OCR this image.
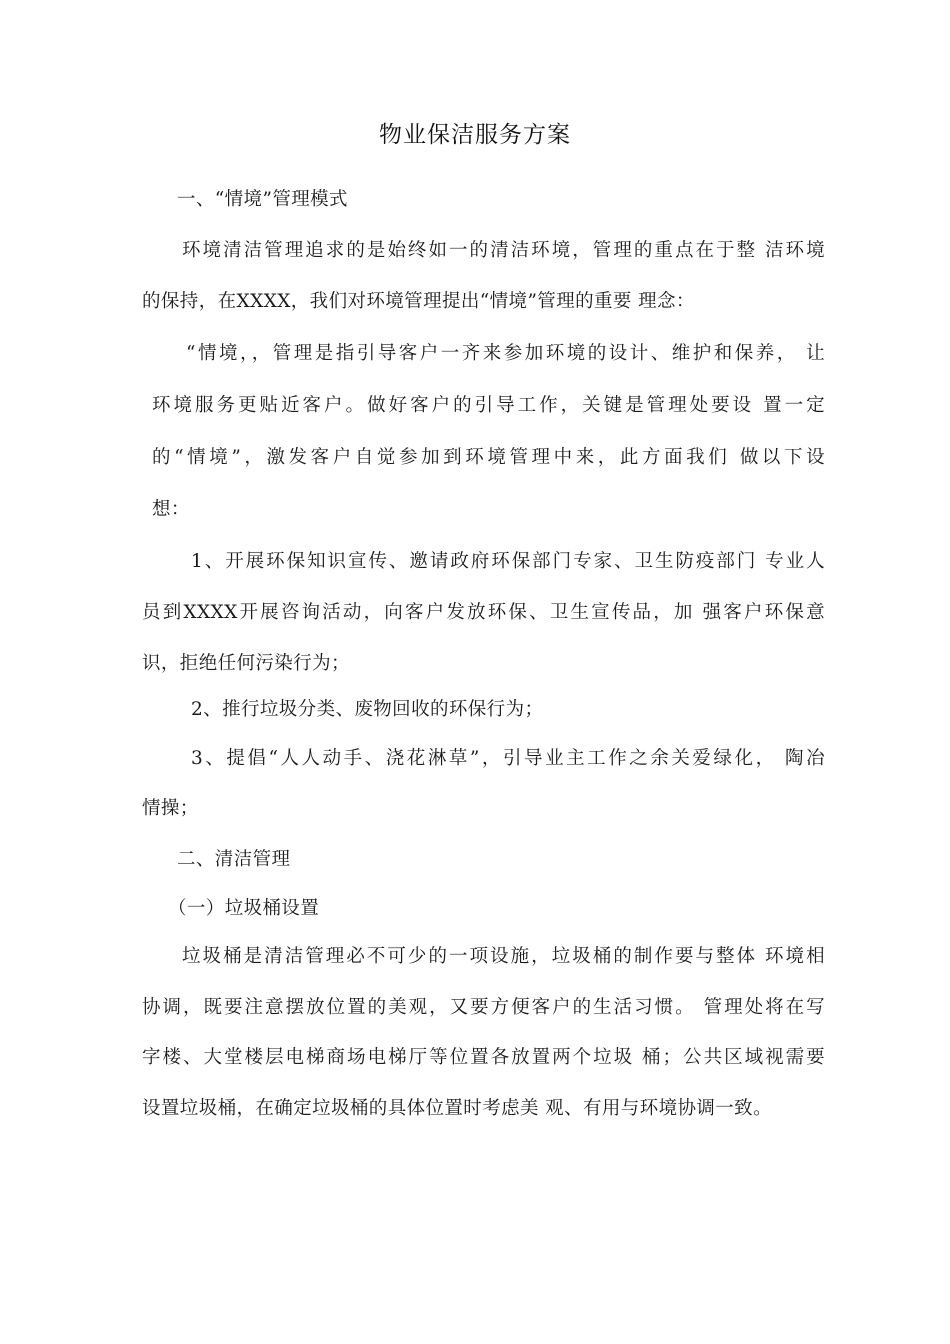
物业保洁服务方案
一、“情境”管理模式
环境清洁管理追求的是始终如一的清洁环境，管理的重点在于整 洁环境
的保持，在XXXX，我们对环境管理提出“情境”管理的重要 理念：
“情境，，管理是指引导客户一齐来参加环境的设计、维护和保养， 让
环境服务更贴近客户。做好客户的引导工作，关键是管理处要设 置一定
的“情境”，激发客户自觉参加到环境管理中来，此方面我们 做以下设
想：
1、开展环保知识宣传、邀请政府环保部门专家、卫生防疫部门 专业人
员到XXXX开展咨询活动，向客户发放环保、卫生宣传品，加 强客户环保意
识，拒绝任何污染行为；
2、推行垃圾分类、废物回收的环保行为；
3、提倡“人人动手、浇花淋草”，引导业主工作之余关爱绿化， 陶冶
情操；
二、清洁管理
（一）垃圾桶设置
垃圾桶是清洁管理必不可少的一项设施，垃圾桶的制作要与整体 环境相
协调，既要注意摆放位置的美观，又要方便客户的生活习惯。 管理处将在写
字楼、大堂楼层电梯商场电梯厅等位置各放置两个垃圾 桶；公共区域视需要
设置垃圾桶，在确定垃圾桶的具体位置时考虑美 观、有用与环境协调一致。
